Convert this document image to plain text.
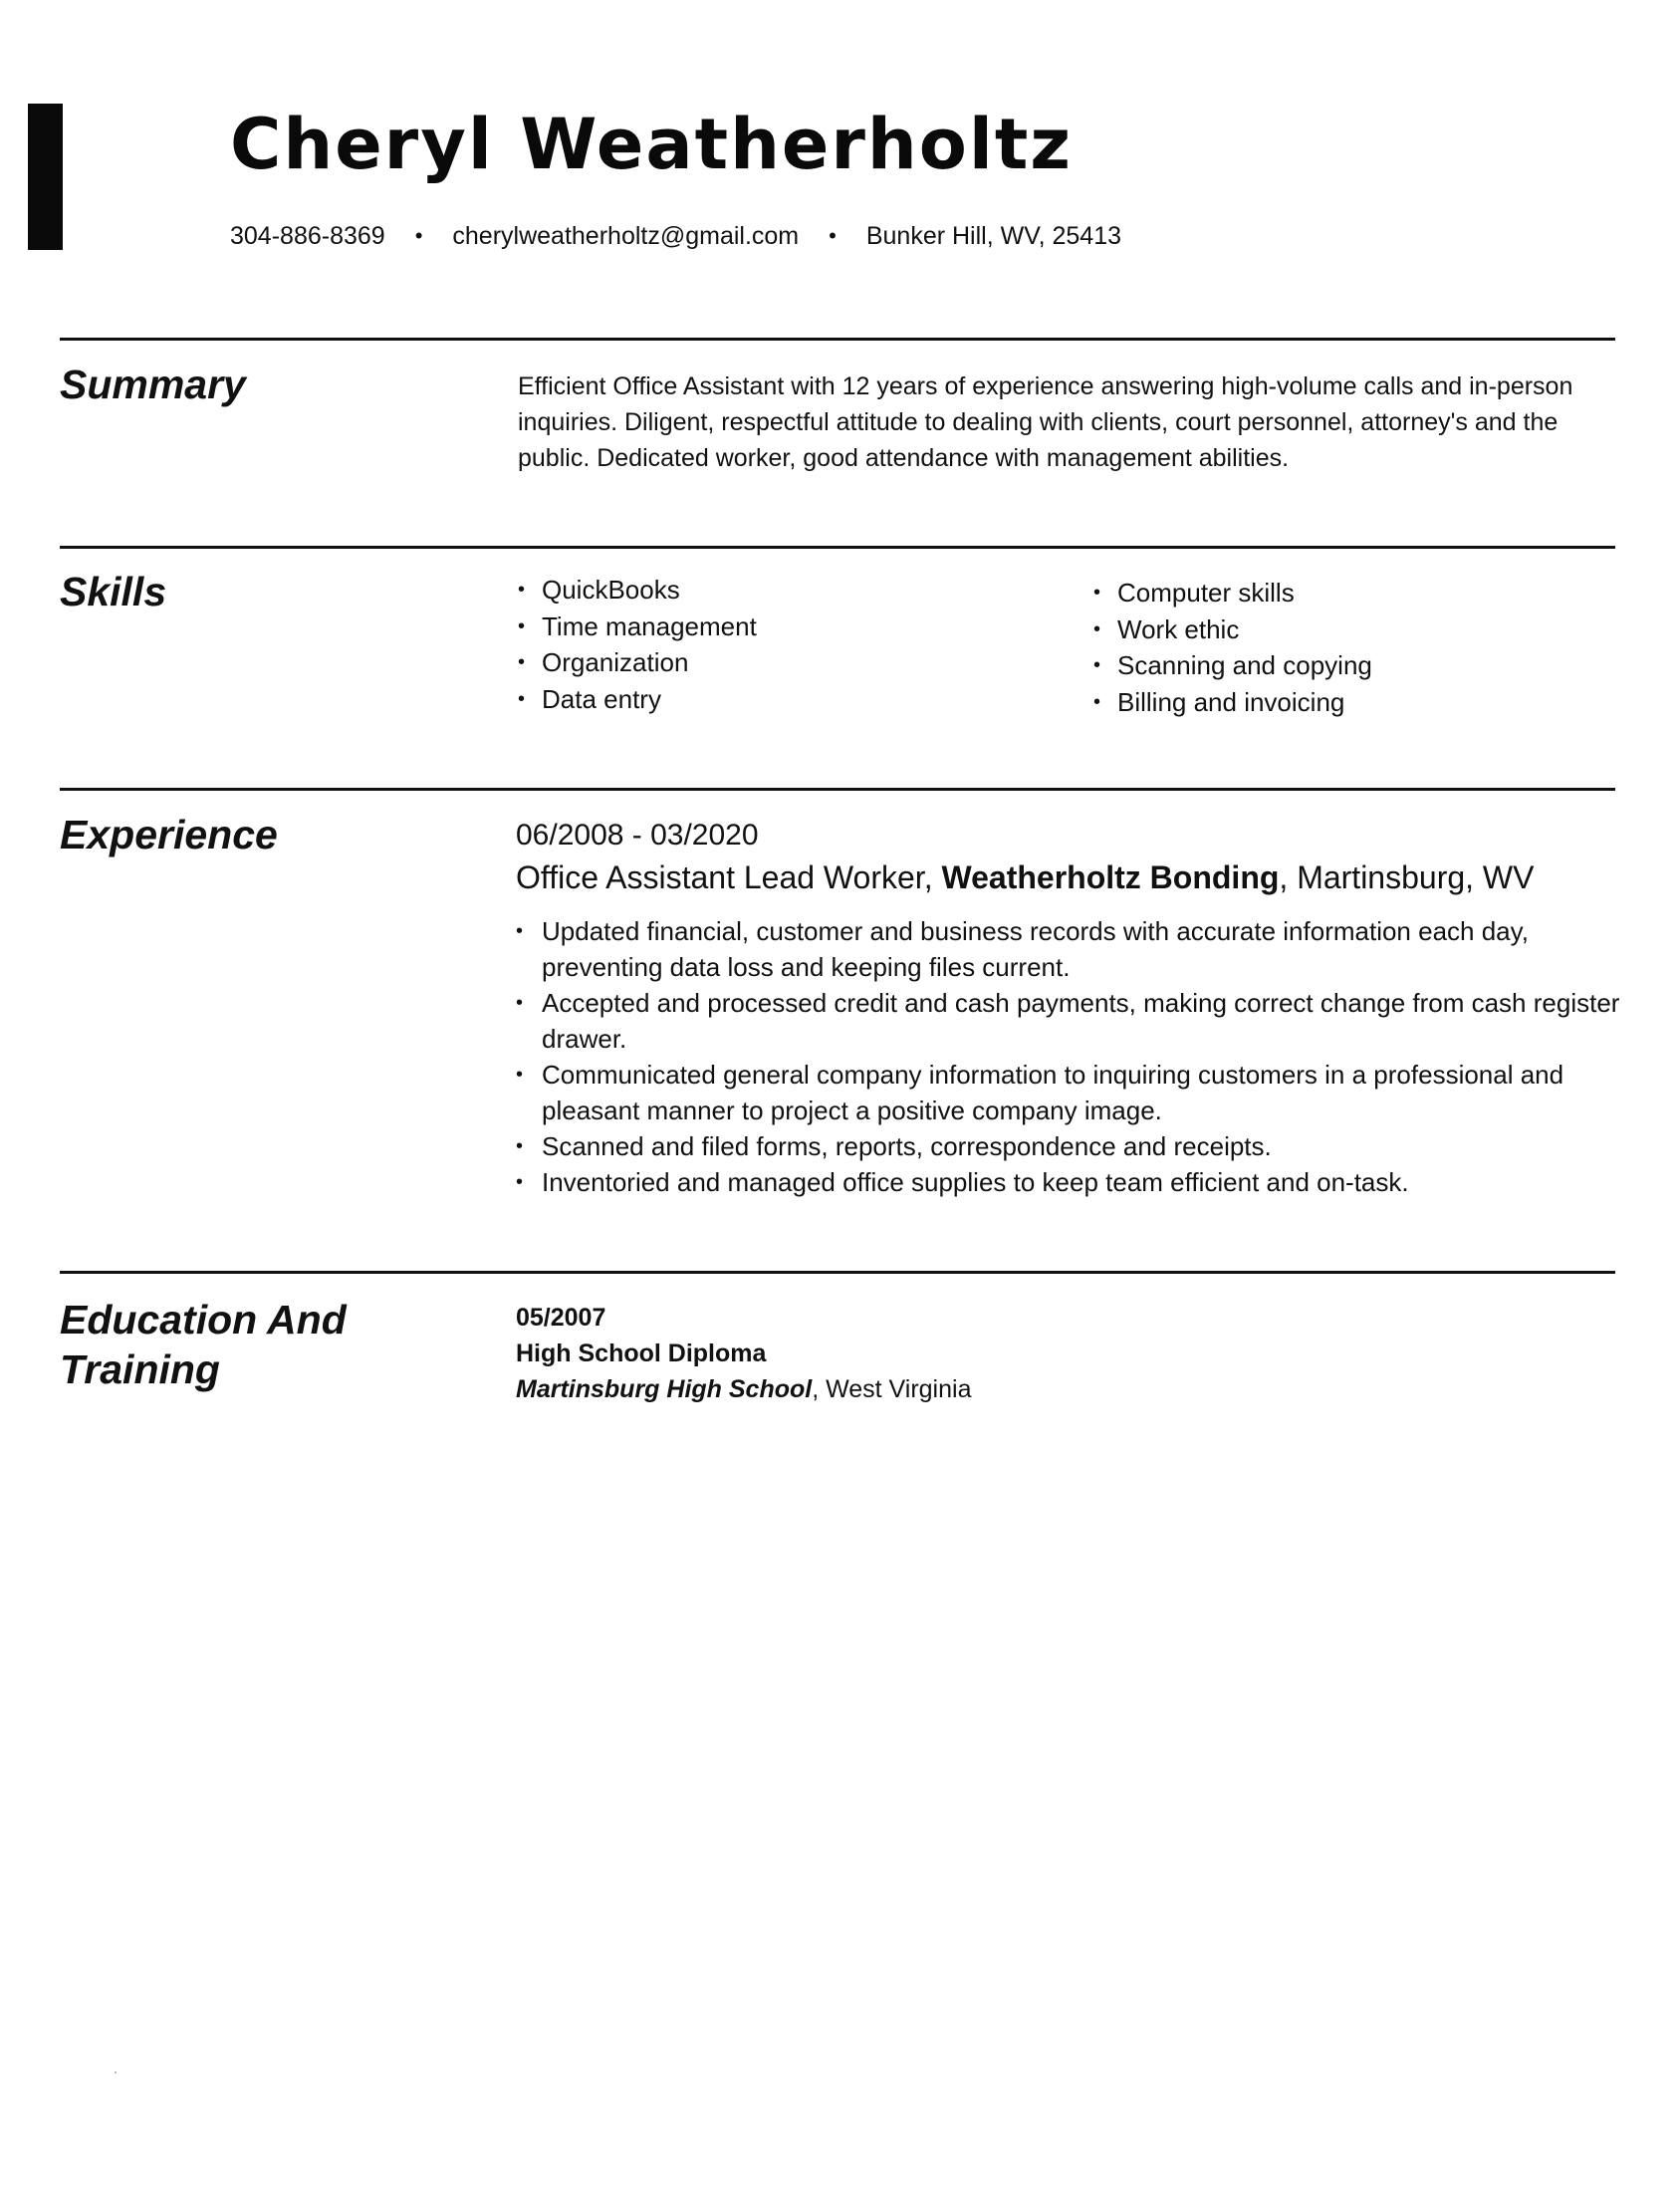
Cheryl Weatherholtz
304-886-8369 • cherylweatherholtz@gmail.com • Bunker Hill, WV, 25413
Summary	Efficient Office Assistant with 12 years of experience answering high-volume calls and in-person inquiries. Diligent, respectful attitude to dealing with clients, court personnel, attorney's and the public. Dedicated worker, good attendance with management abilities.

Skills
•	QuickBooks
• Time management
• Organization
• Data entry
• Computer skills
• Work ethic
• Scanning and copying
• Billing and invoicing
Experience	06/2008 - 03/2020
Office Assistant Lead Worker, Weatherholtz Bonding, Martinsburg, WV
• Updated financial, customer and business records with accurate information each day, preventing data loss and keeping files current.
• Accepted and processed credit and cash payments, making correct change from cash register drawer.
• Communicated general company information to inquiring customers in a professional and pleasant manner to project a positive company image.
• Scanned and filed forms, reports, correspondence and receipts.
• Inventoried and managed office supplies to keep team efficient and on-task.
Education And
Training
05/2007
High School Diploma
Martinsburg High School, West Virginia
